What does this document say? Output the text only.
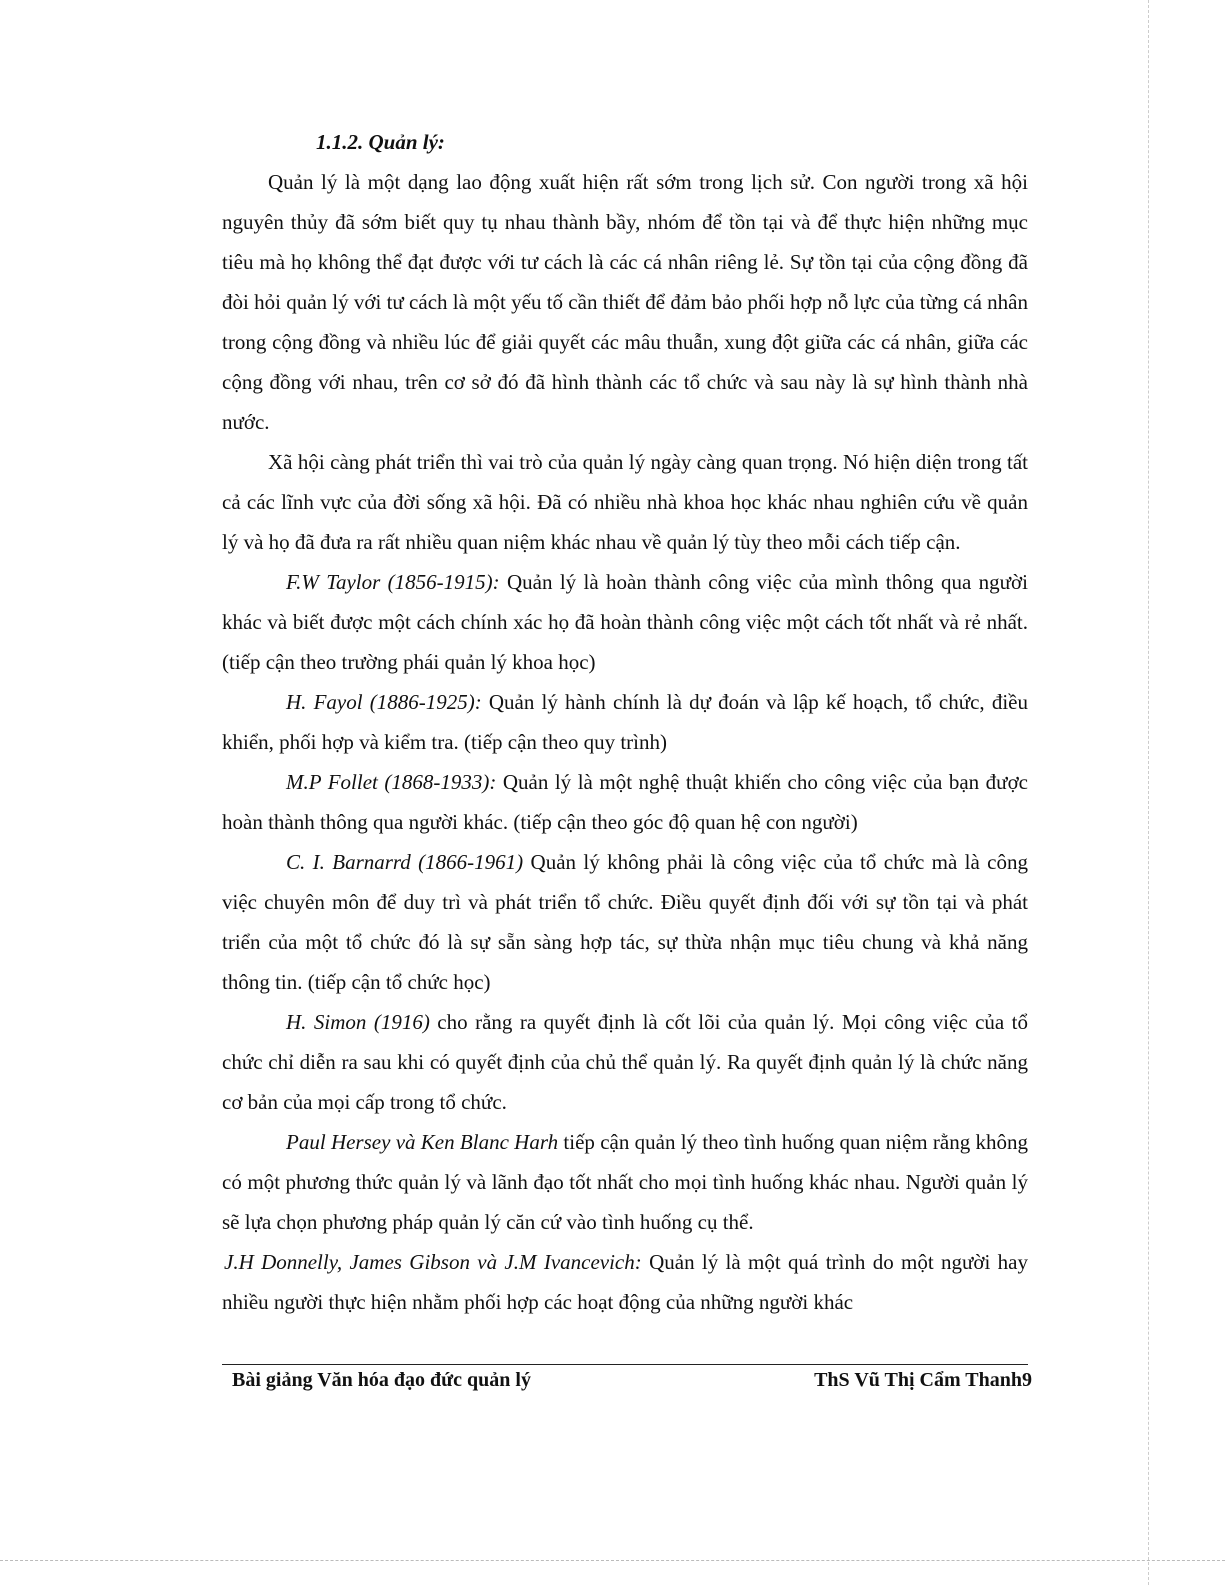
1.1.2. Quản lý:

Quản lý là một dạng lao động xuất hiện rất sớm trong lịch sử. Con người trong xã hội nguyên thủy đã sớm biết quy tụ nhau thành bầy, nhóm để tồn tại và để thực hiện những mục tiêu mà họ không thể đạt được với tư cách là các cá nhân riêng lẻ. Sự tồn tại của cộng đồng đã đòi hỏi quản lý với tư cách là một yếu tố cần thiết để đảm bảo phối hợp nỗ lực của từng cá nhân trong cộng đồng và nhiều lúc để giải quyết các mâu thuẫn, xung đột giữa các cá nhân, giữa các cộng đồng với nhau, trên cơ sở đó đã hình thành các tổ chức và sau này là sự hình thành nhà nước.

Xã hội càng phát triển thì vai trò của quản lý ngày càng quan trọng. Nó hiện diện trong tất cả các lĩnh vực của đời sống xã hội. Đã có nhiều nhà khoa học khác nhau nghiên cứu về quản lý và họ đã đưa ra rất nhiều quan niệm khác nhau về quản lý tùy theo mỗi cách tiếp cận.

F.W Taylor (1856-1915): Quản lý là hoàn thành công việc của mình thông qua người khác và biết được một cách chính xác họ đã hoàn thành công việc một cách tốt nhất và rẻ nhất. (tiếp cận theo trường phái quản lý khoa học)

H. Fayol (1886-1925): Quản lý hành chính là dự đoán và lập kế hoạch, tổ chức, điều khiển, phối hợp và kiểm tra. (tiếp cận theo quy trình)

M.P Follet (1868-1933): Quản lý là một nghệ thuật khiến cho công việc của bạn được hoàn thành thông qua người khác. (tiếp cận theo góc độ quan hệ con người)

C. I. Barnarrd (1866-1961) Quản lý không phải là công việc của tổ chức mà là công việc chuyên môn để duy trì và phát triển tổ chức. Điều quyết định đối với sự tồn tại và phát triển của một tổ chức đó là sự sẵn sàng hợp tác, sự thừa nhận mục tiêu chung và khả năng thông tin. (tiếp cận tổ chức học)

H. Simon (1916) cho rằng ra quyết định là cốt lõi của quản lý. Mọi công việc của tổ chức chỉ diễn ra sau khi có quyết định của chủ thể quản lý. Ra quyết định quản lý là chức năng cơ bản của mọi cấp trong tổ chức.

Paul Hersey và Ken Blanc Harh tiếp cận quản lý theo tình huống quan niệm rằng không có một phương thức quản lý và lãnh đạo tốt nhất cho mọi tình huống khác nhau. Người quản lý sẽ lựa chọn phương pháp quản lý căn cứ vào tình huống cụ thể.

J.H Donnelly, James Gibson và J.M Ivancevich: Quản lý là một quá trình do một người hay nhiều người thực hiện nhằm phối hợp các hoạt động của những người khác

Bài giảng Văn hóa đạo đức quản lý	ThS Vũ Thị Cẩm Thanh9
